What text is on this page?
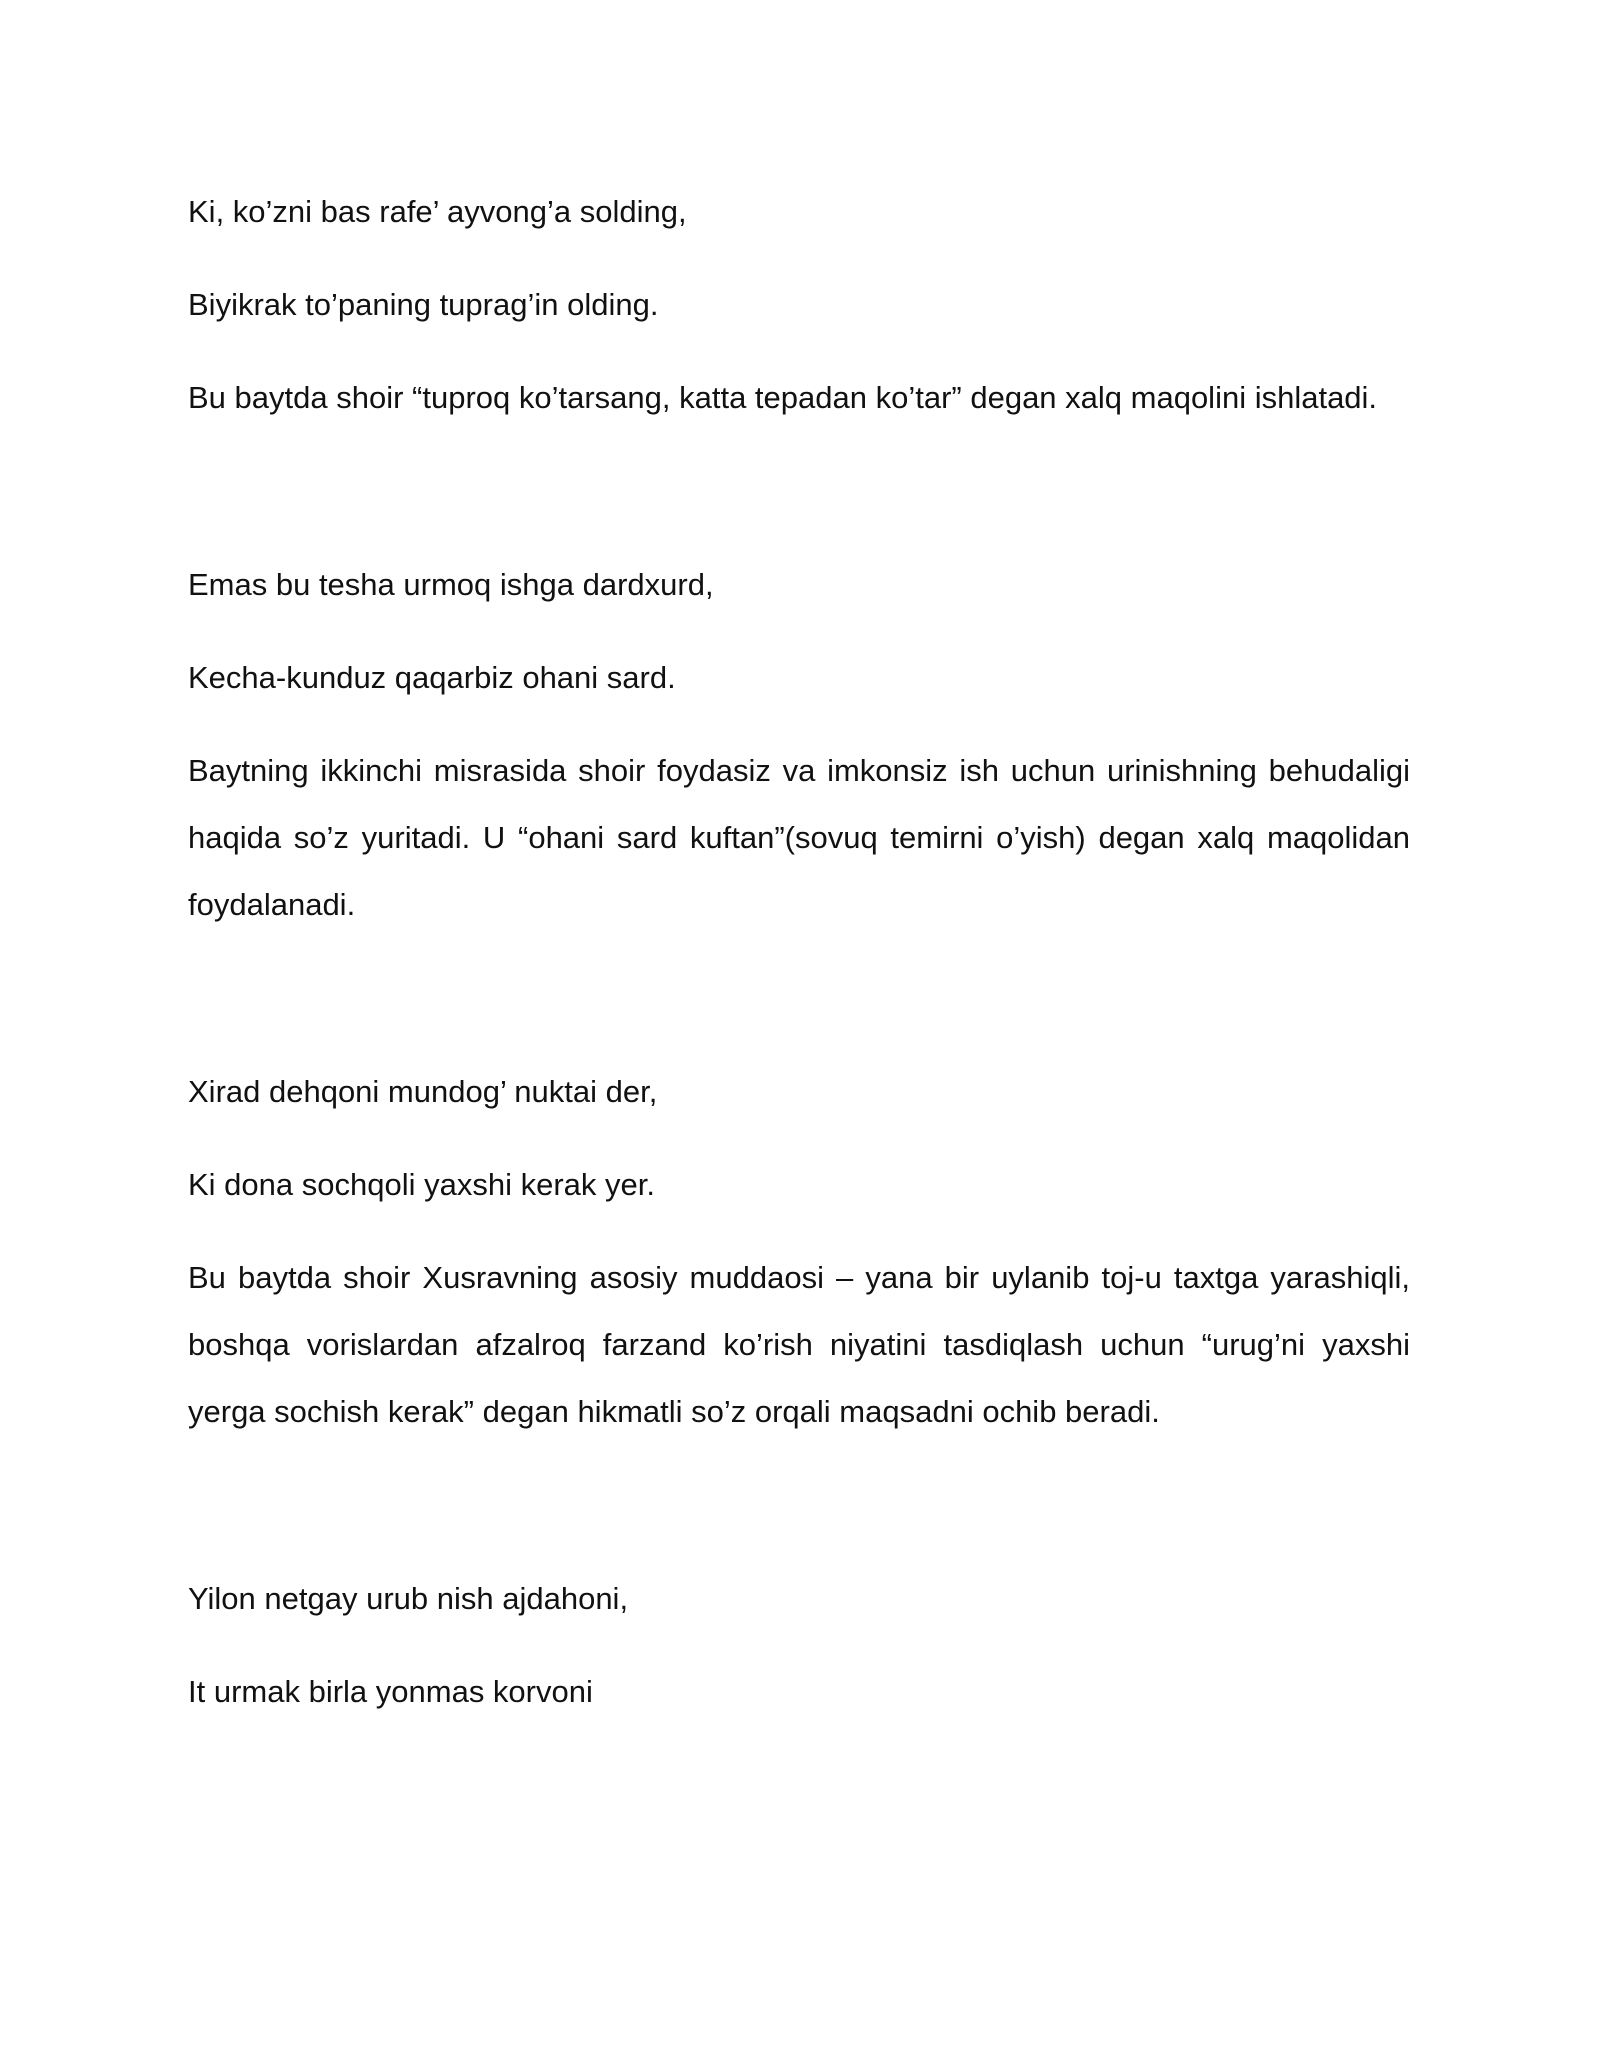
Ki, ko’zni bas rafe’ ayvong’a solding,

Biyikrak to’paning tuprag’in olding.

Bu baytda shoir “tuproq ko’tarsang, katta tepadan ko’tar” degan xalq maqolini ishlatadi.

Emas bu tesha urmoq ishga dardxurd,

Kecha-kunduz qaqarbiz ohani sard.

Baytning ikkinchi misrasida shoir foydasiz va imkonsiz ish uchun urinishning behudaligi haqida so’z yuritadi. U “ohani sard kuftan”(sovuq temirni o’yish) degan xalq maqolidan foydalanadi.

Xirad dehqoni mundog’ nuktai der,

Ki dona sochqoli yaxshi kerak yer.

Bu baytda shoir Xusravning asosiy muddaosi – yana bir uylanib toj-u taxtga yarashiqli, boshqa vorislardan afzalroq farzand ko’rish niyatini tasdiqlash uchun “urug’ni yaxshi yerga sochish kerak” degan hikmatli so’z orqali maqsadni ochib beradi.

Yilon netgay urub nish ajdahoni,

It urmak birla yonmas korvoni
